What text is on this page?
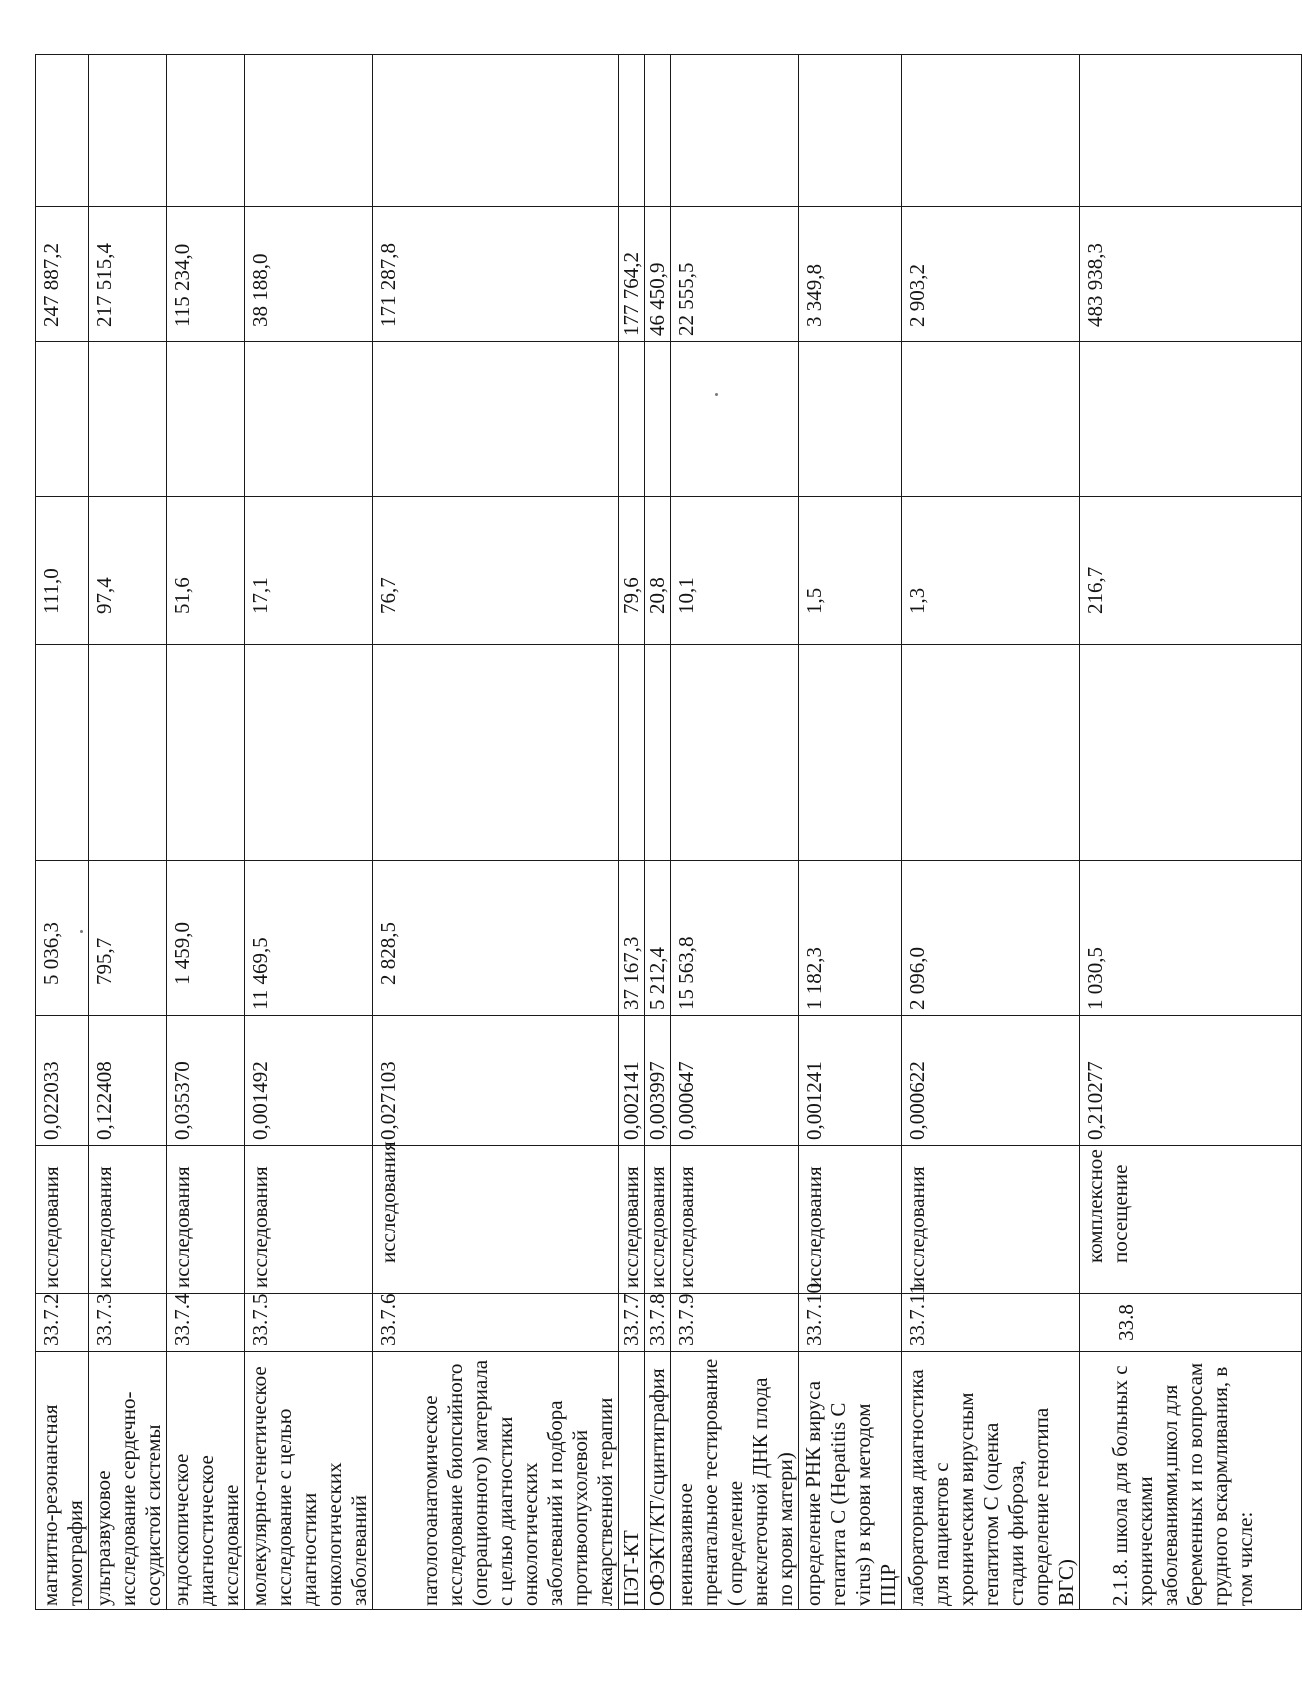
магнитно-резонансная томография	33.7.2	исследования	0,022033	5 036,3		111,0		247 887,2	
ультразвуковое исследование сердечно-сосудистой системы	33.7.3	исследования	0,122408	795,7		97,4		217 515,4	
эндоскопическое диагностическое исследование	33.7.4	исследования	0,035370	1 459,0		51,6		115 234,0	
молекулярно-генетическое исследование с целью диагностики онкологических заболеваний	33.7.5	исследования	0,001492	11 469,5		17,1		38 188,0	
патологоанатомическое исследование биопсийного (операционного) материала с целью диагностики онкологических заболеваний и подбора противоопухолевой лекарственной терапии	33.7.6	исследования	0,027103	2 828,5		76,7		171 287,8	
ПЭТ-КТ	33.7.7	исследования	0,002141	37 167,3		79,6		177 764,2	
ОФЭКТ/КТ/сцинтиграфия	33.7.8	исследования	0,003997	5 212,4		20,8		46 450,9	
неинвазивное пренатальное тестирование ( определение внеклеточной ДНК плода по крови матери)	33.7.9	исследования	0,000647	15 563,8		10,1		22 555,5	
определение РНК вируса гепатита С (Hepatitis C virus) в крови методом ПЦР	33.7.10	исследования	0,001241	1 182,3		1,5		3 349,8	
лабораторная диагностика для пациентов с хроническим вирусным гепатитом С (оценка стадии фиброза, определение генотипа ВГС)	33.7.11	исследования	0,000622	2 096,0		1,3		2 903,2	
2.1.8. школа для больных с хроническими заболеваниями,школ для беременных и по вопросам грудного вскармливания, в том числе:	33.8	комплексное посещение	0,210277	1 030,5		216,7		483 938,3	
